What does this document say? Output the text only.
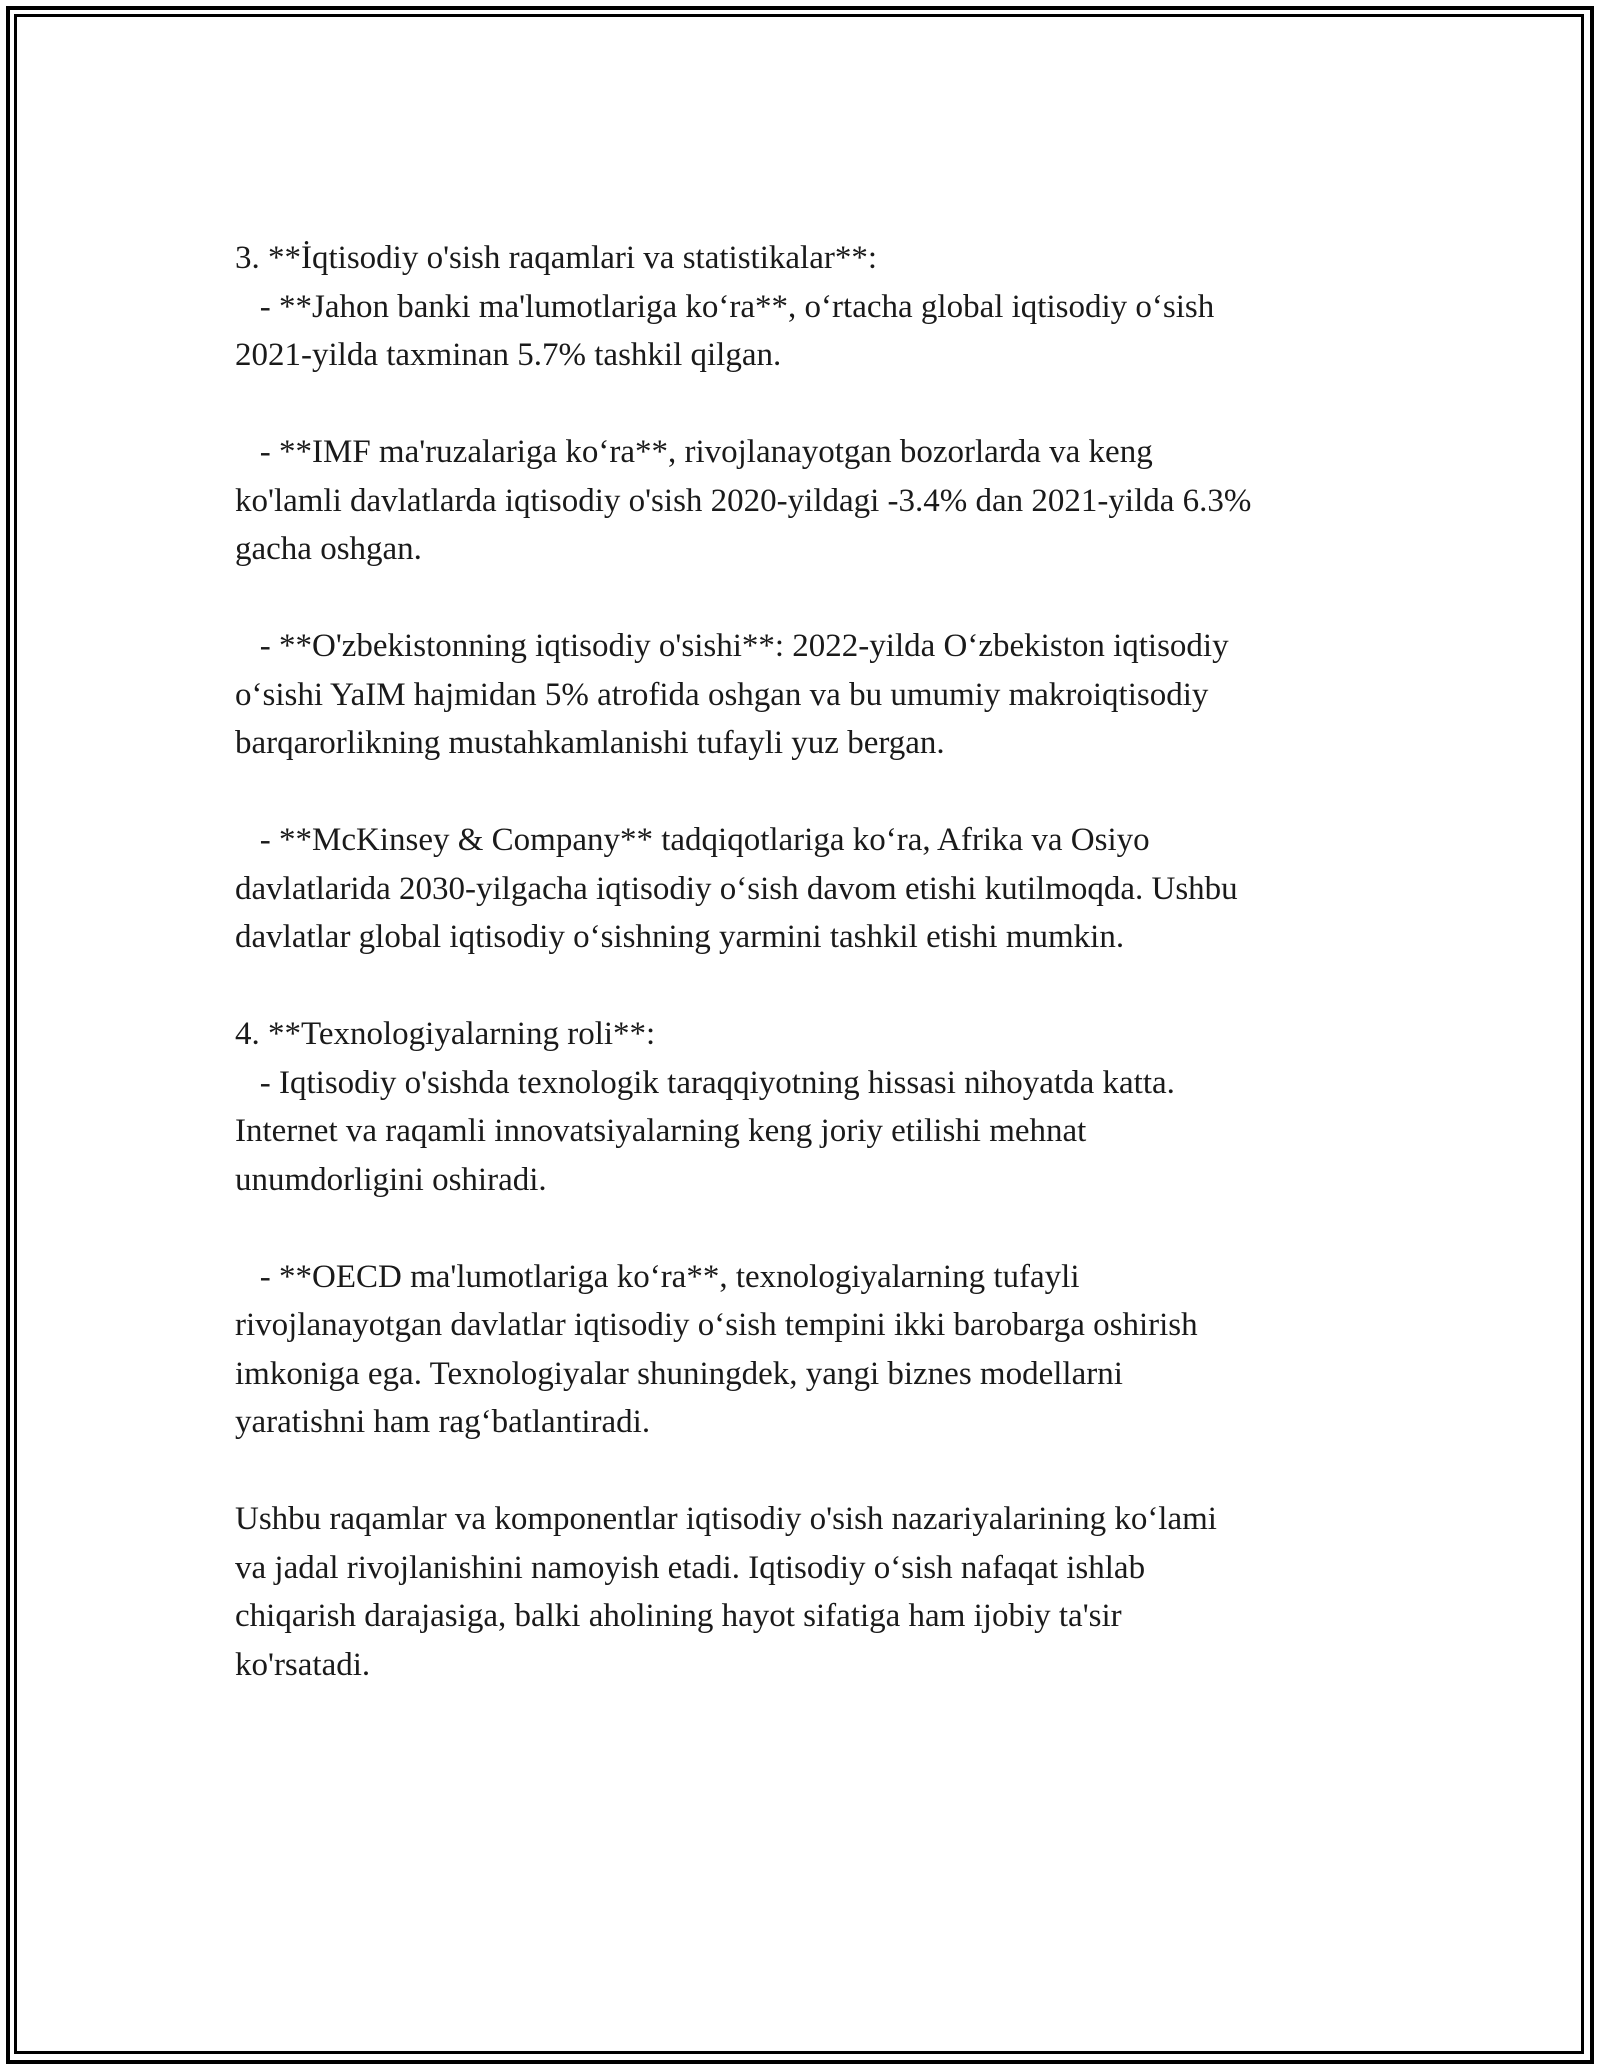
3. **İqtisodiy o'sish raqamlari va statistikalar**:
- **Jahon banki ma'lumotlariga ko‘ra**, o‘rtacha global iqtisodiy o‘sish
2021-yilda taxminan 5.7% tashkil qilgan.
- **IMF ma'ruzalariga ko‘ra**, rivojlanayotgan bozorlarda va keng
ko'lamli davlatlarda iqtisodiy o'sish 2020-yildagi -3.4% dan 2021-yilda 6.3%
gacha oshgan.
- **O'zbekistonning iqtisodiy o'sishi**: 2022-yilda O‘zbekiston iqtisodiy
o‘sishi YaIM hajmidan 5% atrofida oshgan va bu umumiy makroiqtisodiy
barqarorlikning mustahkamlanishi tufayli yuz bergan.
- **McKinsey & Company** tadqiqotlariga ko‘ra, Afrika va Osiyo
davlatlarida 2030-yilgacha iqtisodiy o‘sish davom etishi kutilmoqda. Ushbu
davlatlar global iqtisodiy o‘sishning yarmini tashkil etishi mumkin.
4. **Texnologiyalarning roli**:
- Iqtisodiy o'sishda texnologik taraqqiyotning hissasi nihoyatda katta.
Internet va raqamli innovatsiyalarning keng joriy etilishi mehnat
unumdorligini oshiradi.
- **OECD ma'lumotlariga ko‘ra**, texnologiyalarning tufayli
rivojlanayotgan davlatlar iqtisodiy o‘sish tempini ikki barobarga oshirish
imkoniga ega. Texnologiyalar shuningdek, yangi biznes modellarni
yaratishni ham rag‘batlantiradi.
Ushbu raqamlar va komponentlar iqtisodiy o'sish nazariyalarining ko‘lami
va jadal rivojlanishini namoyish etadi. Iqtisodiy o‘sish nafaqat ishlab
chiqarish darajasiga, balki aholining hayot sifatiga ham ijobiy ta'sir
ko'rsatadi.
